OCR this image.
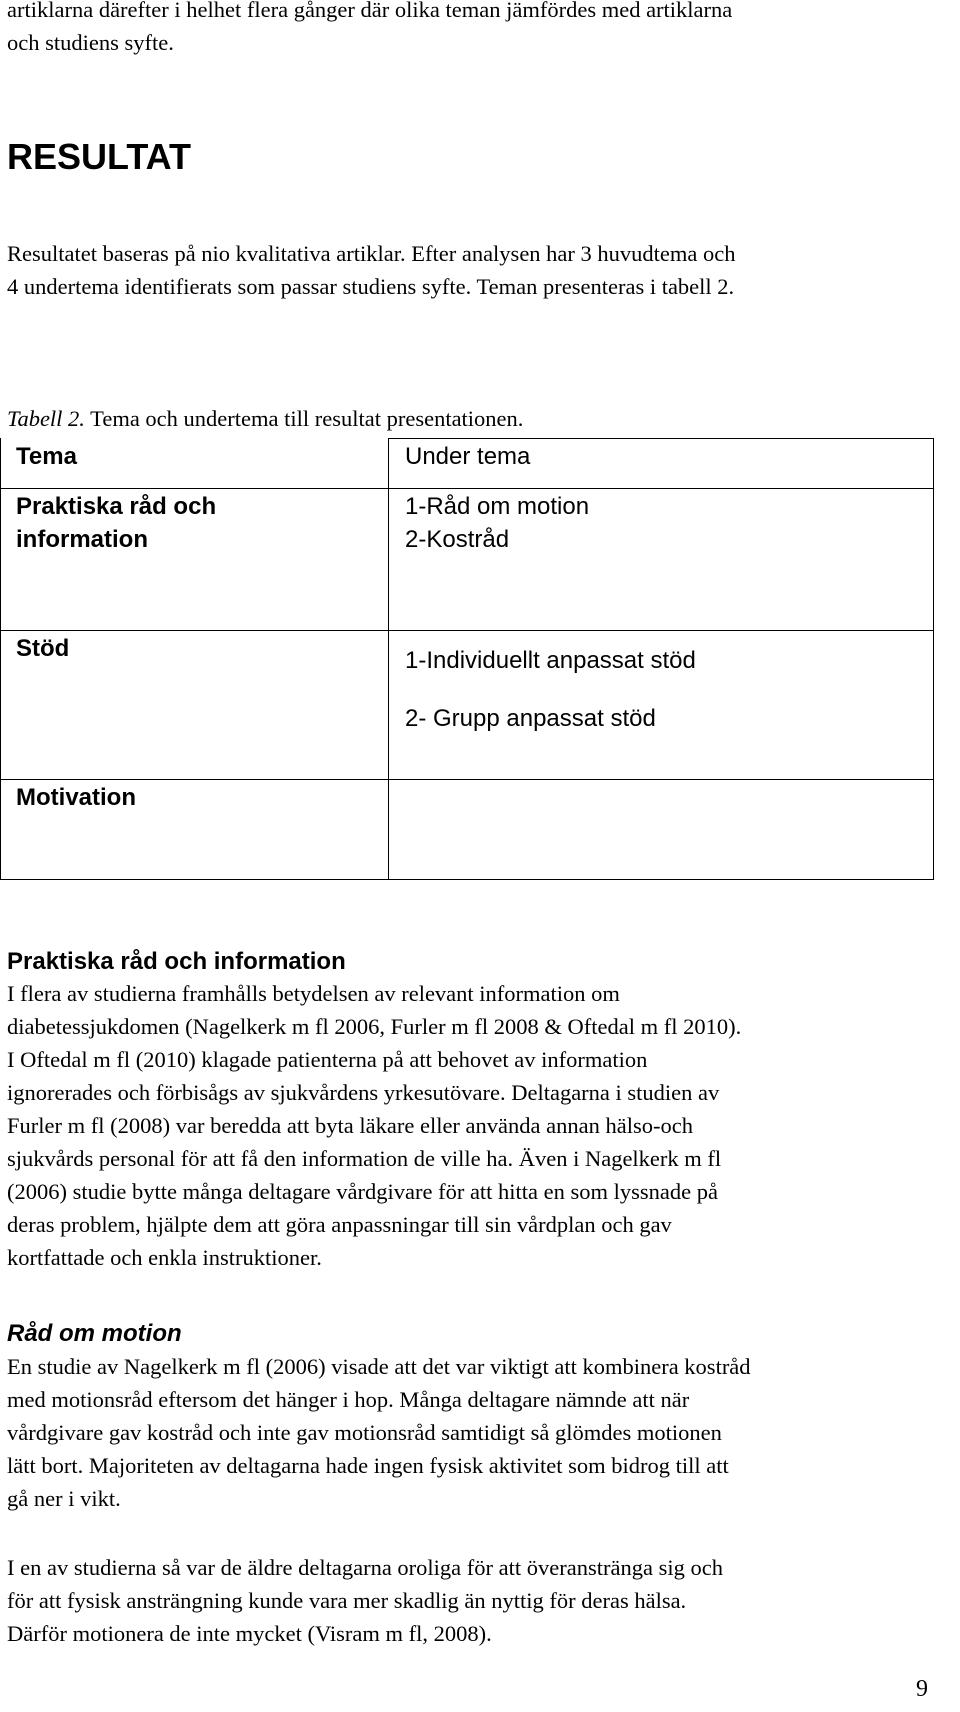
artiklarna därefter i helhet flera gånger där olika teman jämfördes med artiklarna
och studiens syfte.

RESULTAT

Resultatet baseras på nio kvalitativa artiklar. Efter analysen har 3 huvudtema och
4 undertema identifierats som passar studiens syfte. Teman presenteras i tabell 2.

Tabell 2. Tema och undertema till resultat presentationen.

Tema	Under tema

Praktiska råd och
information

1-Råd om motion
2-Kostråd

Stöd	1-Individuellt anpassat stöd
2- Grupp anpassat stöd

Motivation

Praktiska råd och information

I flera av studierna framhålls betydelsen av relevant information om
diabetessjukdomen (Nagelkerk m fl 2006, Furler m fl 2008 & Oftedal m fl 2010).
I Oftedal m fl (2010) klagade patienterna på att behovet av information
ignorerades och förbisågs av sjukvårdens yrkesutövare. Deltagarna i studien av
Furler m fl (2008) var beredda att byta läkare eller använda annan hälso-och
sjukvårds personal för att få den information de ville ha. Även i Nagelkerk m fl
(2006) studie bytte många deltagare vårdgivare för att hitta en som lyssnade på
deras problem, hjälpte dem att göra anpassningar till sin vårdplan och gav
kortfattade och enkla instruktioner.

Råd om motion

En studie av Nagelkerk m fl (2006) visade att det var viktigt att kombinera kostråd
med motionsråd eftersom det hänger i hop. Många deltagare nämnde att när
vårdgivare gav kostråd och inte gav motionsråd samtidigt så glömdes motionen
lätt bort. Majoriteten av deltagarna hade ingen fysisk aktivitet som bidrog till att
gå ner i vikt.

I en av studierna så var de äldre deltagarna oroliga för att överanstränga sig och
för att fysisk ansträngning kunde vara mer skadlig än nyttig för deras hälsa.
Därför motionera de inte mycket (Visram m fl, 2008).

9
